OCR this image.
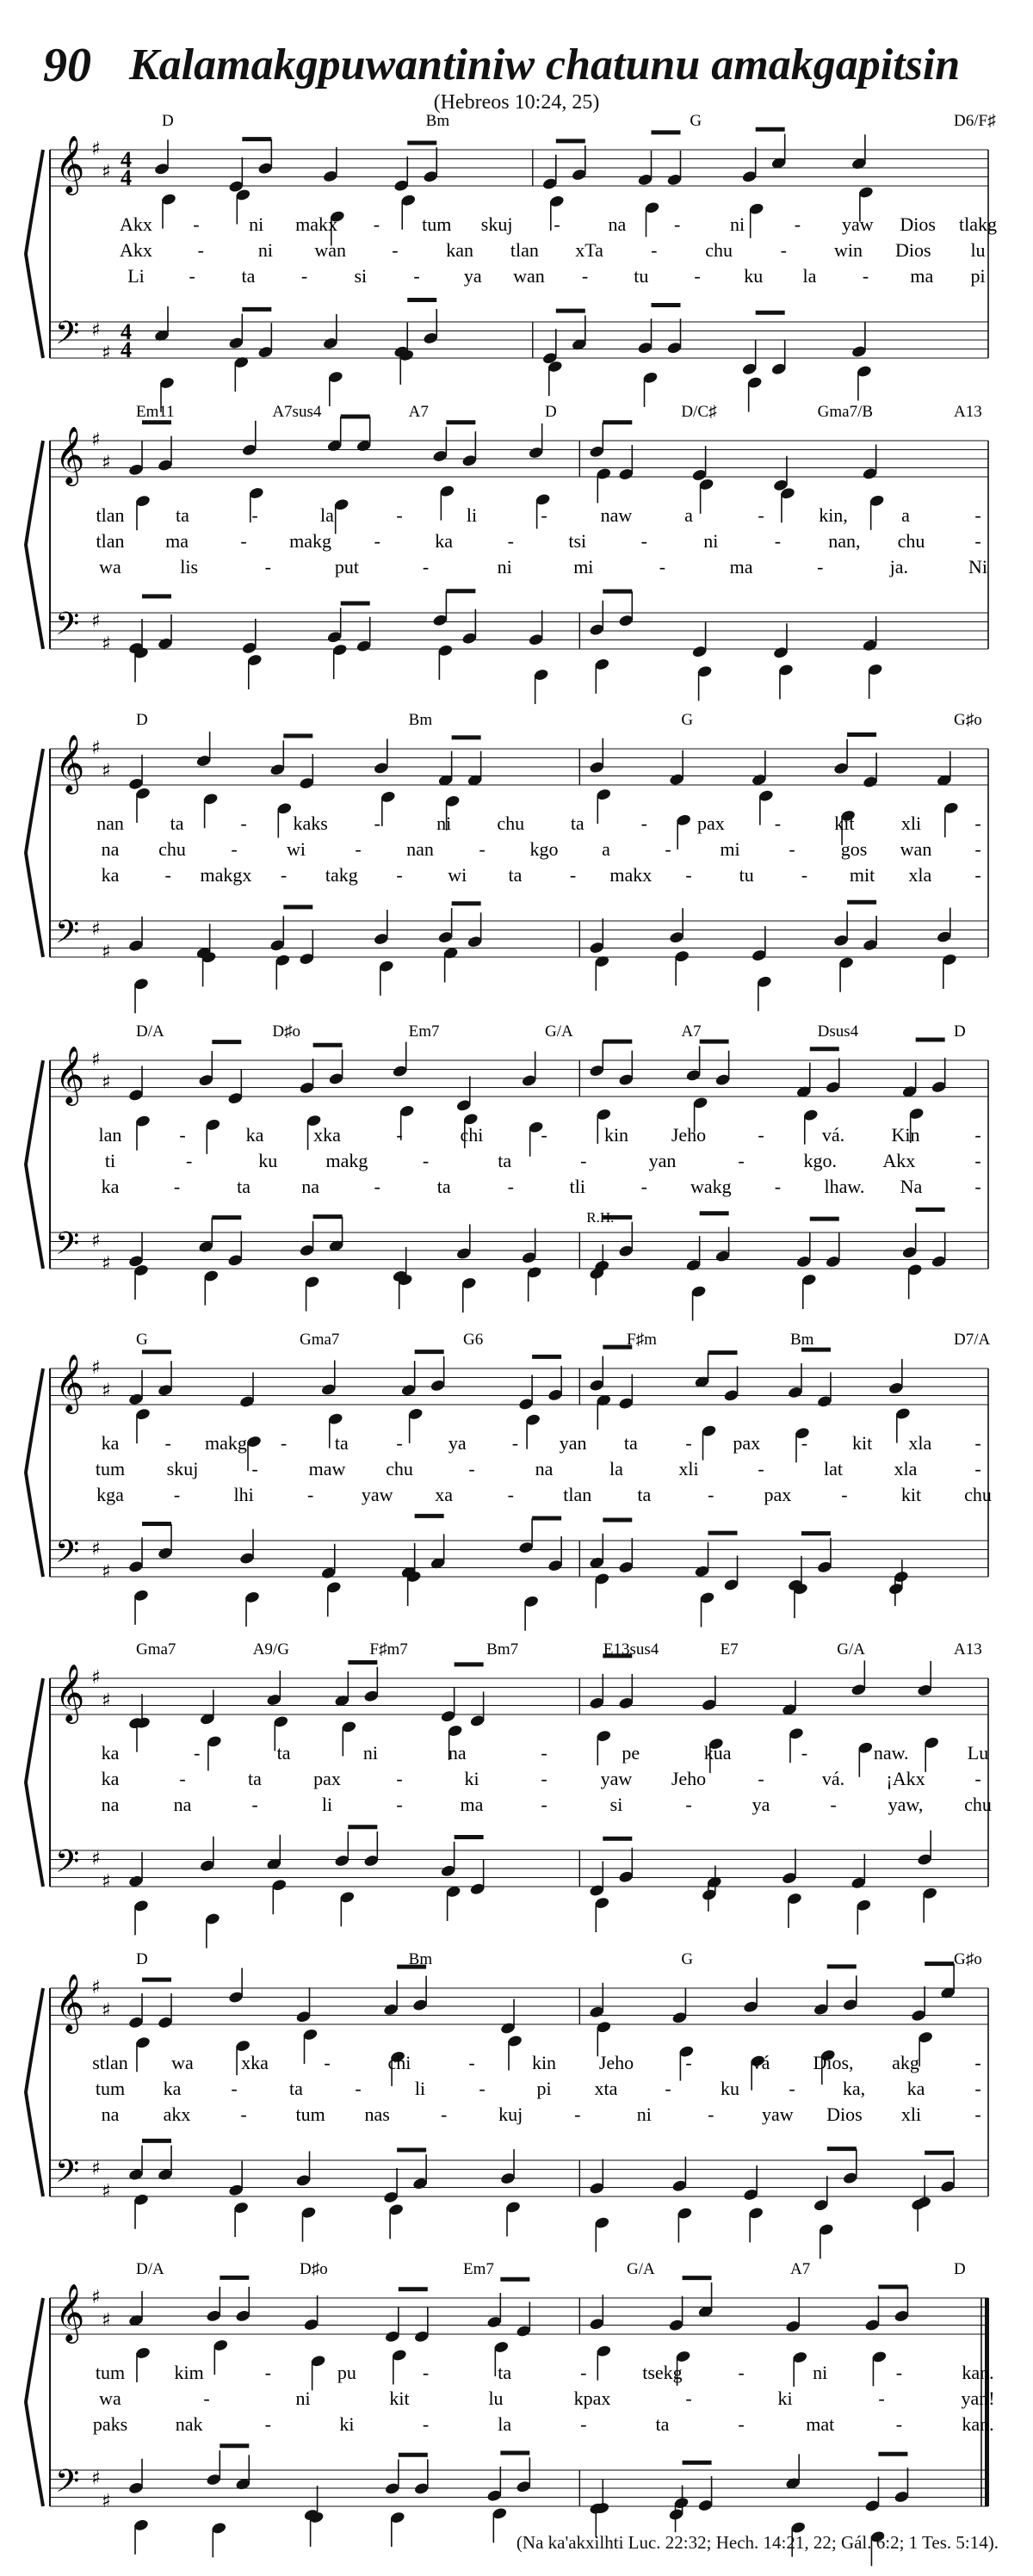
90 Kalamakgpuwantiniw chatunu amakgapitsin
(Hebreos 10:24, 25)
𝄞
𝄢
♯
♯
♯
♯
4
4
4
4
D	Bm	G	D6/F♯
Akx -	ni makx - tum skuj -	na	-	ni	- yaw Dios tlakg
Akx -	ni wan -	kan tlan xTa	-	chu	-	win Dios lu
Li - ta - si - ya wan - tu - ku la - ma pi
𝄞
𝄢
♯
♯
♯
♯
Em11	A7sus4	A7	D	D/C♯	Gma7/B	A13
tlan	ta	-	la	-	li	-	naw	a	-	kin,	a	-
tlan ma	- makg -	ka	-	tsi	-	ni	-	nan, chu	-
wa	lis	-	put	-	ni	mi	-	ma	-	ja.	Ni
𝄞
𝄢
♯
♯
♯
♯
D	Bm	G	G♯o
nan ta	- kaks -	ni chu ta	-	pax	-	kit xli	-
na chu -	wi	- nan - kgo a	-	mi	- gos wan -
ka - makgx - takg - wi ta	- makx - tu - mit xla -
𝄞
𝄢
♯
♯
♯
♯
D/A	D♯o	Em7	G/A	A7	Dsus4	D
R.H.
lan	-	ka	xka	-	chi	-	kin Jeho	-	vá. Kin	-
ti	-	ku	makg	-	ta	-	yan	-	kgo. Akx	-
ka	-	ta	na	-	ta	-	tli	- wakg - lhaw. Na	-
𝄞
𝄢
♯
♯
♯
♯
G	Gma7	G6	F♯m	Bm	D7/A
ka - makg -	ta	- ya - yan ta	- pax - kit xla -
tum skuj	-	maw chu	-	na	la	xli	-	lat	xla	-
kga	-	lhi	-	yaw xa	-	tlan ta	-	pax	-	kit chu
𝄞
𝄢
♯
♯
♯
♯
Gma7	A9/G	F♯m7	Bm7	E13sus4	E7	G/A	A13
ka	-	ta	ni	na	-	pe	kua	-	naw.	Lu
ka	-	ta	pax	-	ki	-	yaw Jeho	-	vá. ¡Akx	-
na	na	-	li	-	ma	-	si	-	ya	-	yaw, chu
𝄞
𝄢
♯
♯
♯
♯
D	Bm	G	G♯o
stlan wa	xka	-	chi	-	kin Jeho	-	vá Dios, akg	-
tum ka	-	ta	-	li	-	pi xta -	ku	-	ka, ka	-
na akx	-	tum nas	-	kuj	-	ni	-	yaw Dios xli	-
𝄞
𝄢
♯
♯
♯
♯
D/A	D♯o	Em7	G/A	A7	D
tum	kim	-	pu	-	ta	-	tsekg	-	ni	-	kan.
wa	-	ni	kit	lu	kpax	-	ki	-	yan!
paks	nak	-	ki	-	la	-	ta	-	mat	-	kan.
(Na ka'akxilhti Luc. 22:32; Hech. 14:21, 22; Gál. 6:2; 1 Tes. 5:14).
